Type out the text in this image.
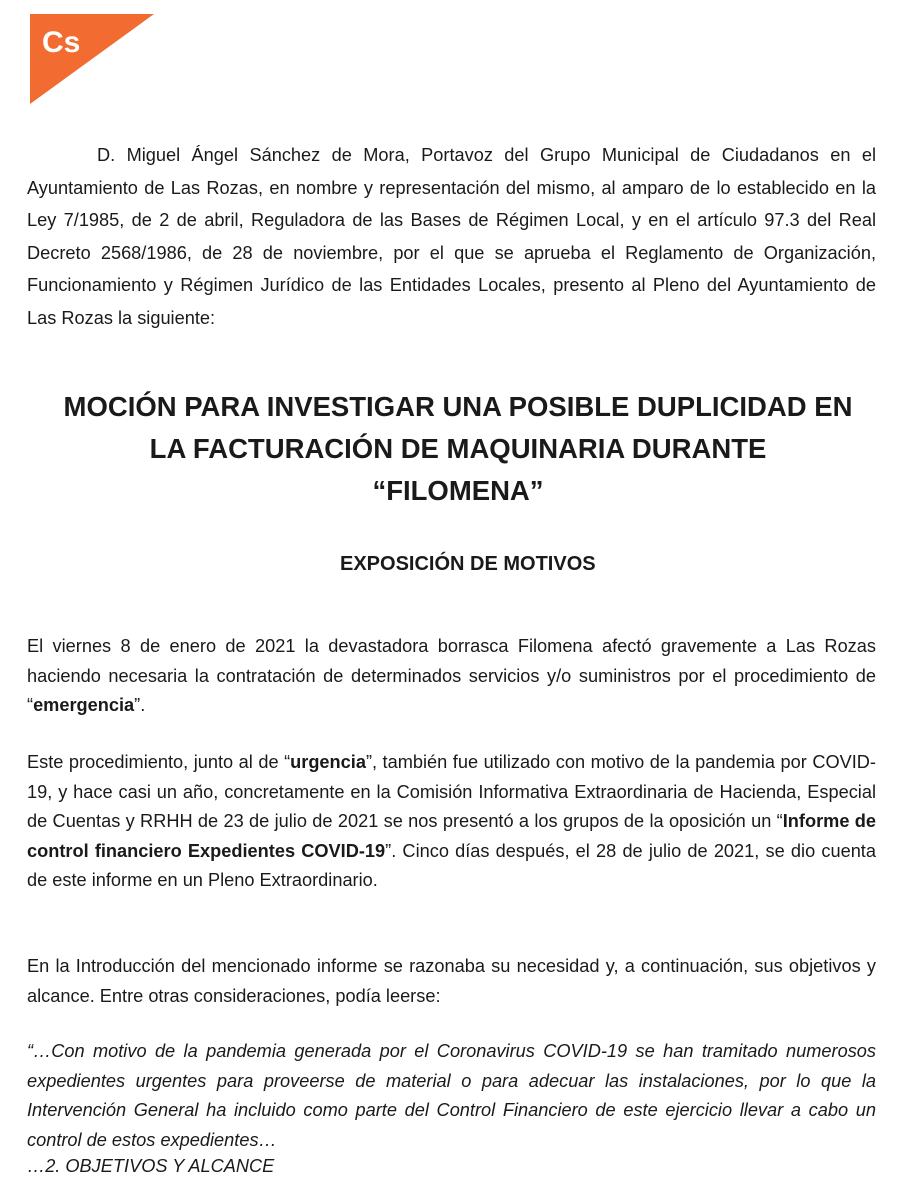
Cs

D. Miguel Ángel Sánchez de Mora, Portavoz del Grupo Municipal de Ciudadanos en el Ayuntamiento de Las Rozas, en nombre y representación del mismo, al amparo de lo establecido en la Ley 7/1985, de 2 de abril, Reguladora de las Bases de Régimen Local, y en el artículo 97.3 del Real Decreto 2568/1986, de 28 de noviembre, por el que se aprueba el Reglamento de Organización, Funcionamiento y Régimen Jurídico de las Entidades Locales, presento al Pleno del Ayuntamiento de Las Rozas la siguiente:

MOCIÓN PARA INVESTIGAR UNA POSIBLE DUPLICIDAD EN
LA FACTURACIÓN DE MAQUINARIA DURANTE
“FILOMENA”
EXPOSICIÓN DE MOTIVOS

El viernes 8 de enero de 2021 la devastadora borrasca Filomena afectó gravemente a Las Rozas haciendo necesaria la contratación de determinados servicios y/o suministros por el procedimiento de “emergencia”.

Este procedimiento, junto al de “urgencia”, también fue utilizado con motivo de la pandemia por COVID-19, y hace casi un año, concretamente en la Comisión Informativa Extraordinaria de Hacienda, Especial de Cuentas y RRHH de 23 de julio de 2021 se nos presentó a los grupos de la oposición un “Informe de control financiero Expedientes COVID-19”. Cinco días después, el 28 de julio de 2021, se dio cuenta de este informe en un Pleno Extraordinario.

En la Introducción del mencionado informe se razonaba su necesidad y, a continuación, sus objetivos y alcance. Entre otras consideraciones, podía leerse:

“…Con motivo de la pandemia generada por el Coronavirus COVID-19 se han tramitado numerosos expedientes urgentes para proveerse de material o para adecuar las instalaciones, por lo que la Intervención General ha incluido como parte del Control Financiero de este ejercicio llevar a cabo un control de estos expedientes…

…2. OBJETIVOS Y ALCANCE
